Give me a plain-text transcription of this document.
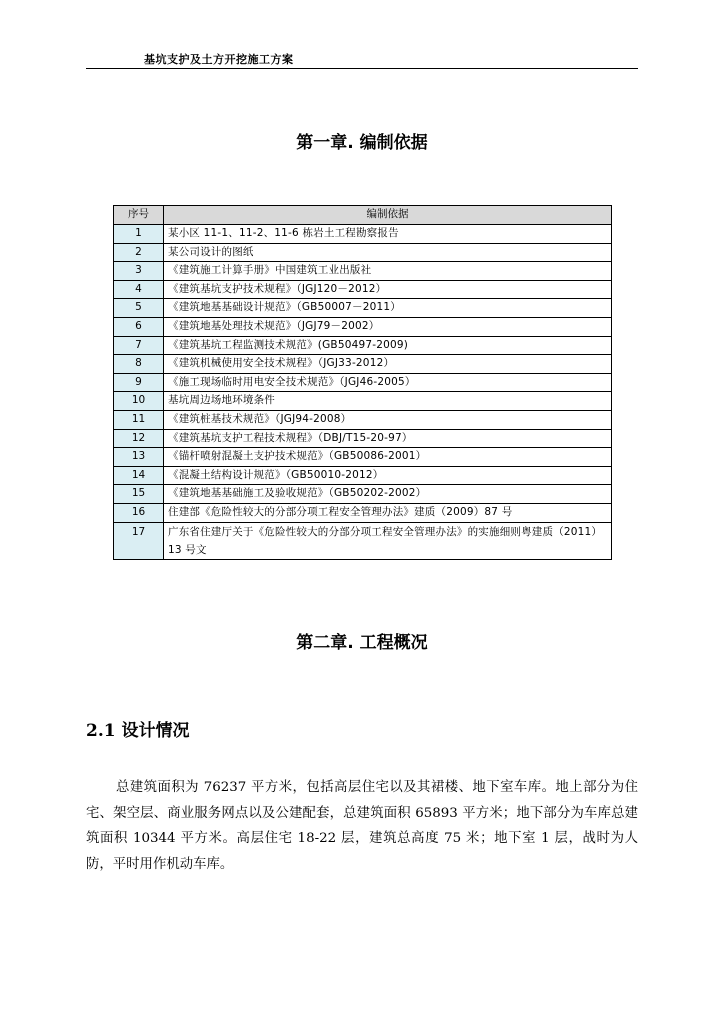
基坑支护及土方开挖施工方案
第一章. 编制依据
序号	编制依据
1	某小区 11-1、11-2、11-6 栋岩土工程勘察报告
2	某公司设计的图纸
3	《建筑施工计算手册》中国建筑工业出版社
4	《建筑基坑支护技术规程》（JGJ120－2012）
5	《建筑地基基础设计规范》（GB50007－2011）
6	《建筑地基处理技术规范》（JGJ79－2002）
7	《建筑基坑工程监测技术规范》(GB50497-2009)
8	《建筑机械使用安全技术规程》（JGJ33-2012）
9	《施工现场临时用电安全技术规范》（JGJ46-2005）
10	基坑周边场地环境条件
11	《建筑桩基技术规范》（JGJ94-2008）
12	《建筑基坑支护工程技术规程》（DBJ/T15-20-97）
13	《锚杆喷射混凝土支护技术规范》（GB50086-2001）
14	《混凝土结构设计规范》（GB50010-2012）
15	《建筑地基基础施工及验收规范》（GB50202-2002）
16	住建部《危险性较大的分部分项工程安全管理办法》建质（2009）87 号
17	广东省住建厅关于《危险性较大的分部分项工程安全管理办法》的实施细则粤建质（2011）13 号文
第二章. 工程概况
2.1 设计情况
总建筑面积为 76237 平方米，包括高层住宅以及其裙楼、地下室车库。地上部分为住宅、架空层、商业服务网点以及公建配套，总建筑面积 65893 平方米；地下部分为车库总建筑面积 10344 平方米。高层住宅 18-22 层，建筑总高度 75 米；地下室 1 层，战时为人防，平时用作机动车库。
